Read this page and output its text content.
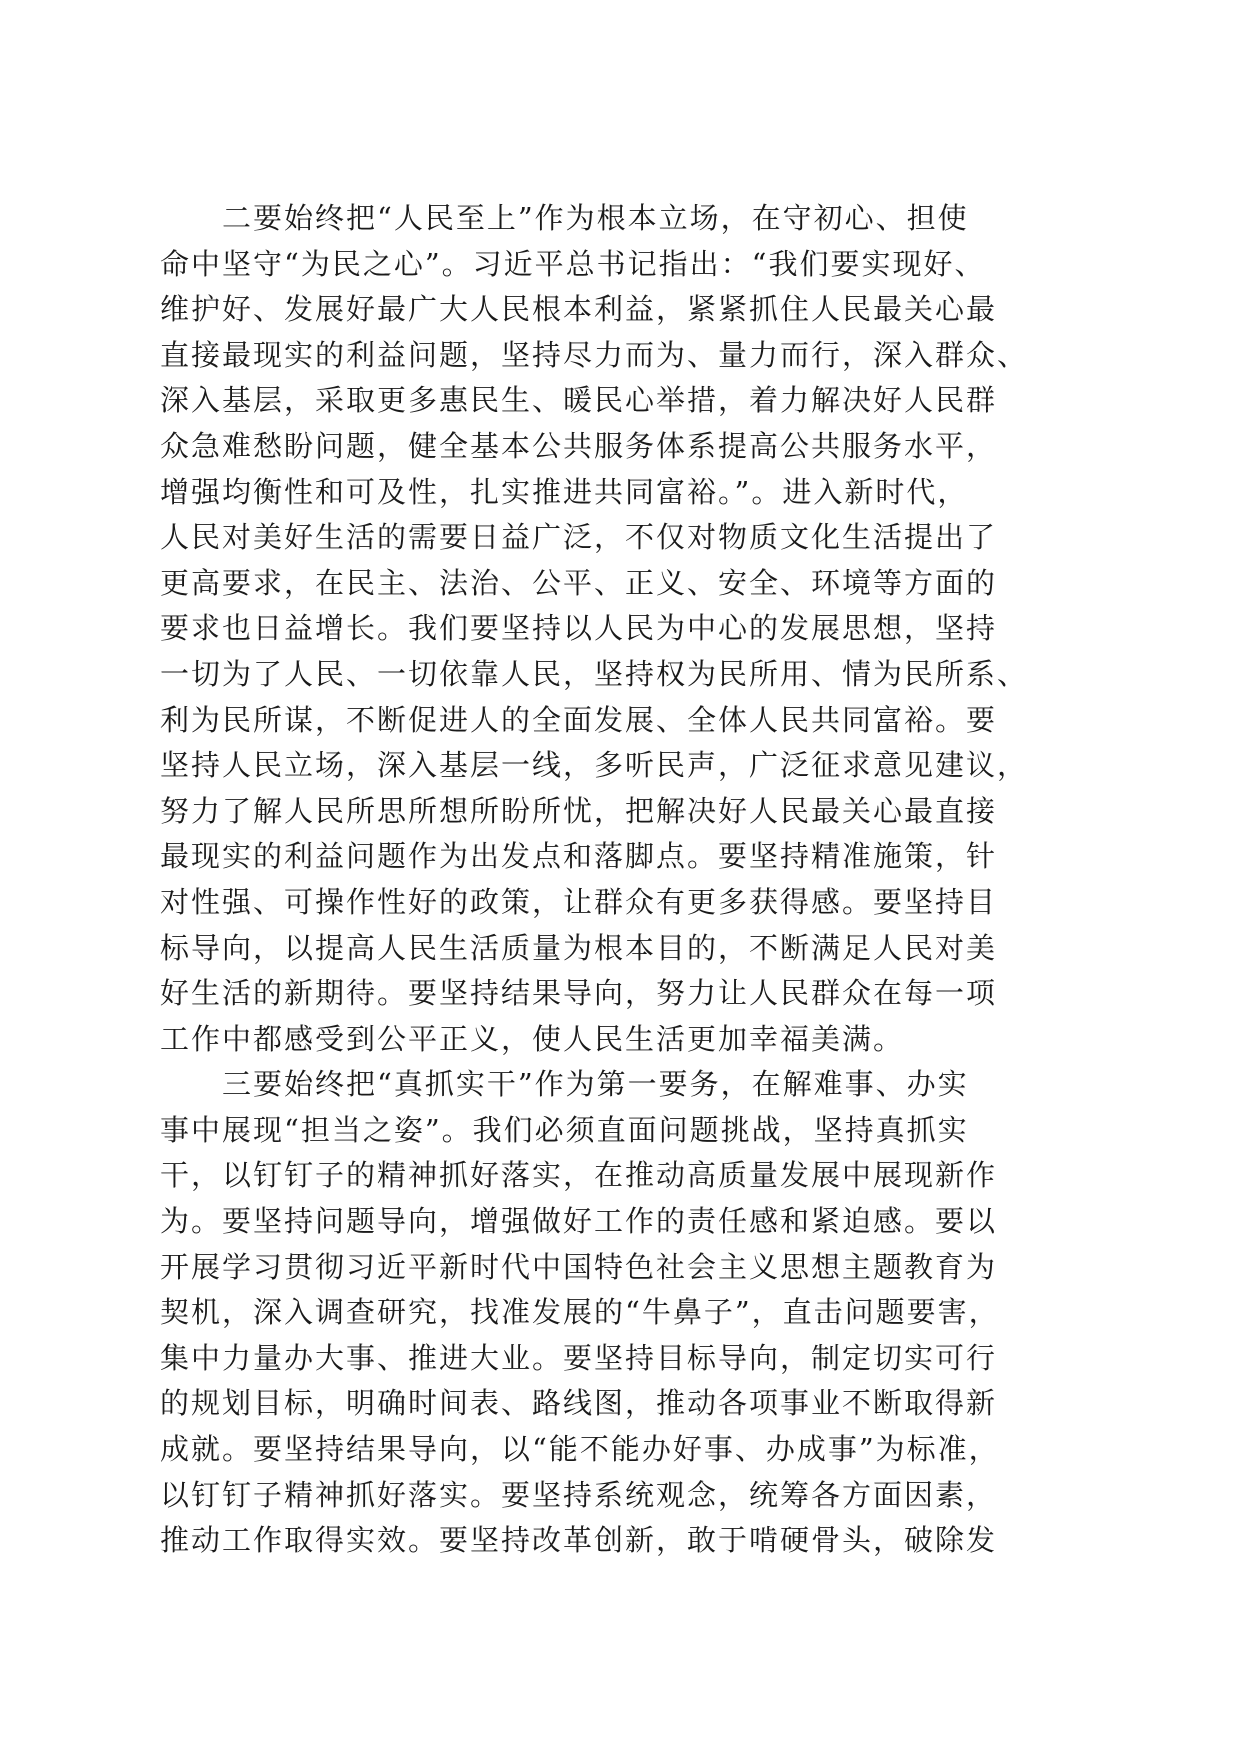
二要始终把“人民至上”作为根本立场，在守初心、担使
命中坚守“为民之心”。习近平总书记指出：“我们要实现好、
维护好、发展好最广大人民根本利益，紧紧抓住人民最关心最
直接最现实的利益问题，坚持尽力而为、量力而行，深入群众、
深入基层，采取更多惠民生、暖民心举措，着力解决好人民群
众急难愁盼问题，健全基本公共服务体系提高公共服务水平，
增强均衡性和可及性，扎实推进共同富裕。”。进入新时代，
人民对美好生活的需要日益广泛，不仅对物质文化生活提出了
更高要求，在民主、法治、公平、正义、安全、环境等方面的
要求也日益增长。我们要坚持以人民为中心的发展思想，坚持
一切为了人民、一切依靠人民，坚持权为民所用、情为民所系、
利为民所谋，不断促进人的全面发展、全体人民共同富裕。要
坚持人民立场，深入基层一线，多听民声，广泛征求意见建议，
努力了解人民所思所想所盼所忧，把解决好人民最关心最直接
最现实的利益问题作为出发点和落脚点。要坚持精准施策，针
对性强、可操作性好的政策，让群众有更多获得感。要坚持目
标导向，以提高人民生活质量为根本目的，不断满足人民对美
好生活的新期待。要坚持结果导向，努力让人民群众在每一项
工作中都感受到公平正义，使人民生活更加幸福美满。
三要始终把“真抓实干”作为第一要务，在解难事、办实
事中展现“担当之姿”。我们必须直面问题挑战，坚持真抓实
干，以钉钉子的精神抓好落实，在推动高质量发展中展现新作
为。要坚持问题导向，增强做好工作的责任感和紧迫感。要以
开展学习贯彻习近平新时代中国特色社会主义思想主题教育为
契机，深入调查研究，找准发展的“牛鼻子”，直击问题要害，
集中力量办大事、推进大业。要坚持目标导向，制定切实可行
的规划目标，明确时间表、路线图，推动各项事业不断取得新
成就。要坚持结果导向，以“能不能办好事、办成事”为标准，
以钉钉子精神抓好落实。要坚持系统观念，统筹各方面因素，
推动工作取得实效。要坚持改革创新，敢于啃硬骨头，破除发
